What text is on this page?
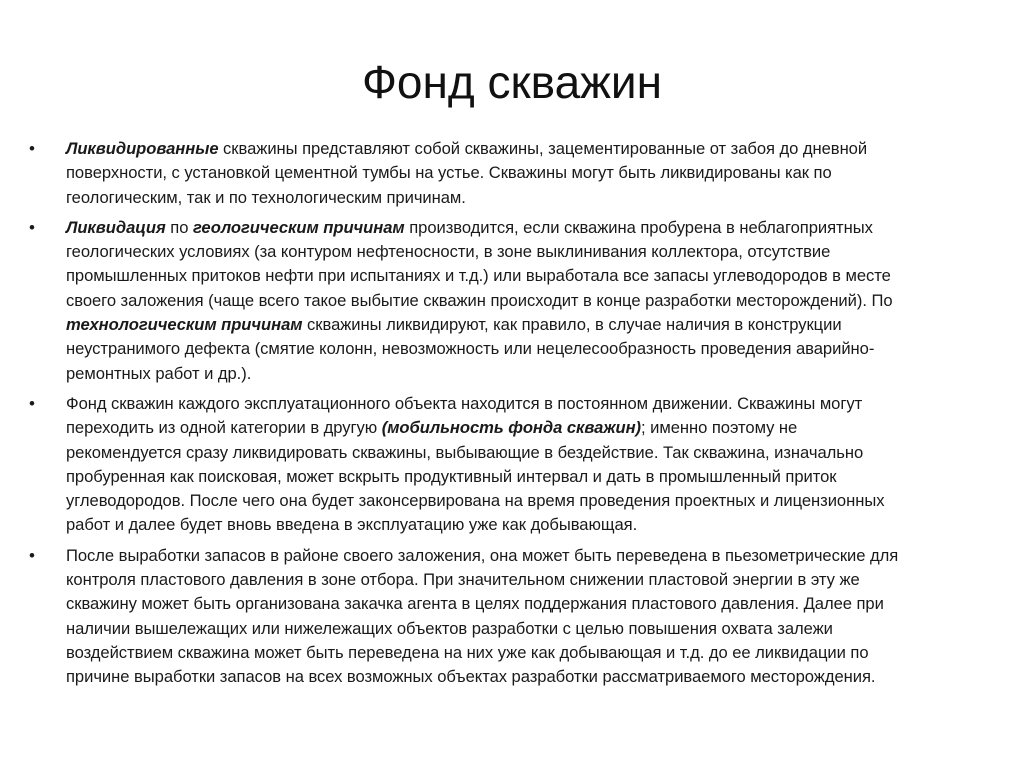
Фонд скважин
• Ликвидированные скважины представляют собой скважины, зацементированные от забоя до дневной
поверхности, с установкой цементной тумбы на устье. Скважины могут быть ликвидированы как по
геологическим, так и по технологическим причинам.
• Ликвидация по геологическим причинам производится, если скважина пробурена в неблагоприятных
геологических условиях (за контуром нефтеносности, в зоне выклинивания коллектора, отсутствие
промышленных притоков нефти при испытаниях и т.д.) или выработала все запасы углеводородов в месте
своего заложения (чаще всего такое выбытие скважин происходит в конце разработки месторождений). По
технологическим причинам скважины ликвидируют, как правило, в случае наличия в конструкции
неустранимого дефекта (смятие колонн, невозможность или нецелесообразность проведения аварийно-
ремонтных работ и др.).
• Фонд скважин каждого эксплуатационного объекта находится в постоянном движении. Скважины могут
переходить из одной категории в другую (мобильность фонда скважин); именно поэтому не
рекомендуется сразу ликвидировать скважины, выбывающие в бездействие. Так скважина, изначально
пробуренная как поисковая, может вскрыть продуктивный интервал и дать в промышленный приток
углеводородов. После чего она будет законсервирована на время проведения проектных и лицензионных
работ и далее будет вновь введена в эксплуатацию уже как добывающая.
• После выработки запасов в районе своего заложения, она может быть переведена в пьезометрические для
контроля пластового давления в зоне отбора. При значительном снижении пластовой энергии в эту же
скважину может быть организована закачка агента в целях поддержания пластового давления. Далее при
наличии вышележащих или нижележащих объектов разработки с целью повышения охвата залежи
воздействием скважина может быть переведена на них уже как добывающая и т.д. до ее ликвидации по
причине выработки запасов на всех возможных объектах разработки рассматриваемого месторождения.
